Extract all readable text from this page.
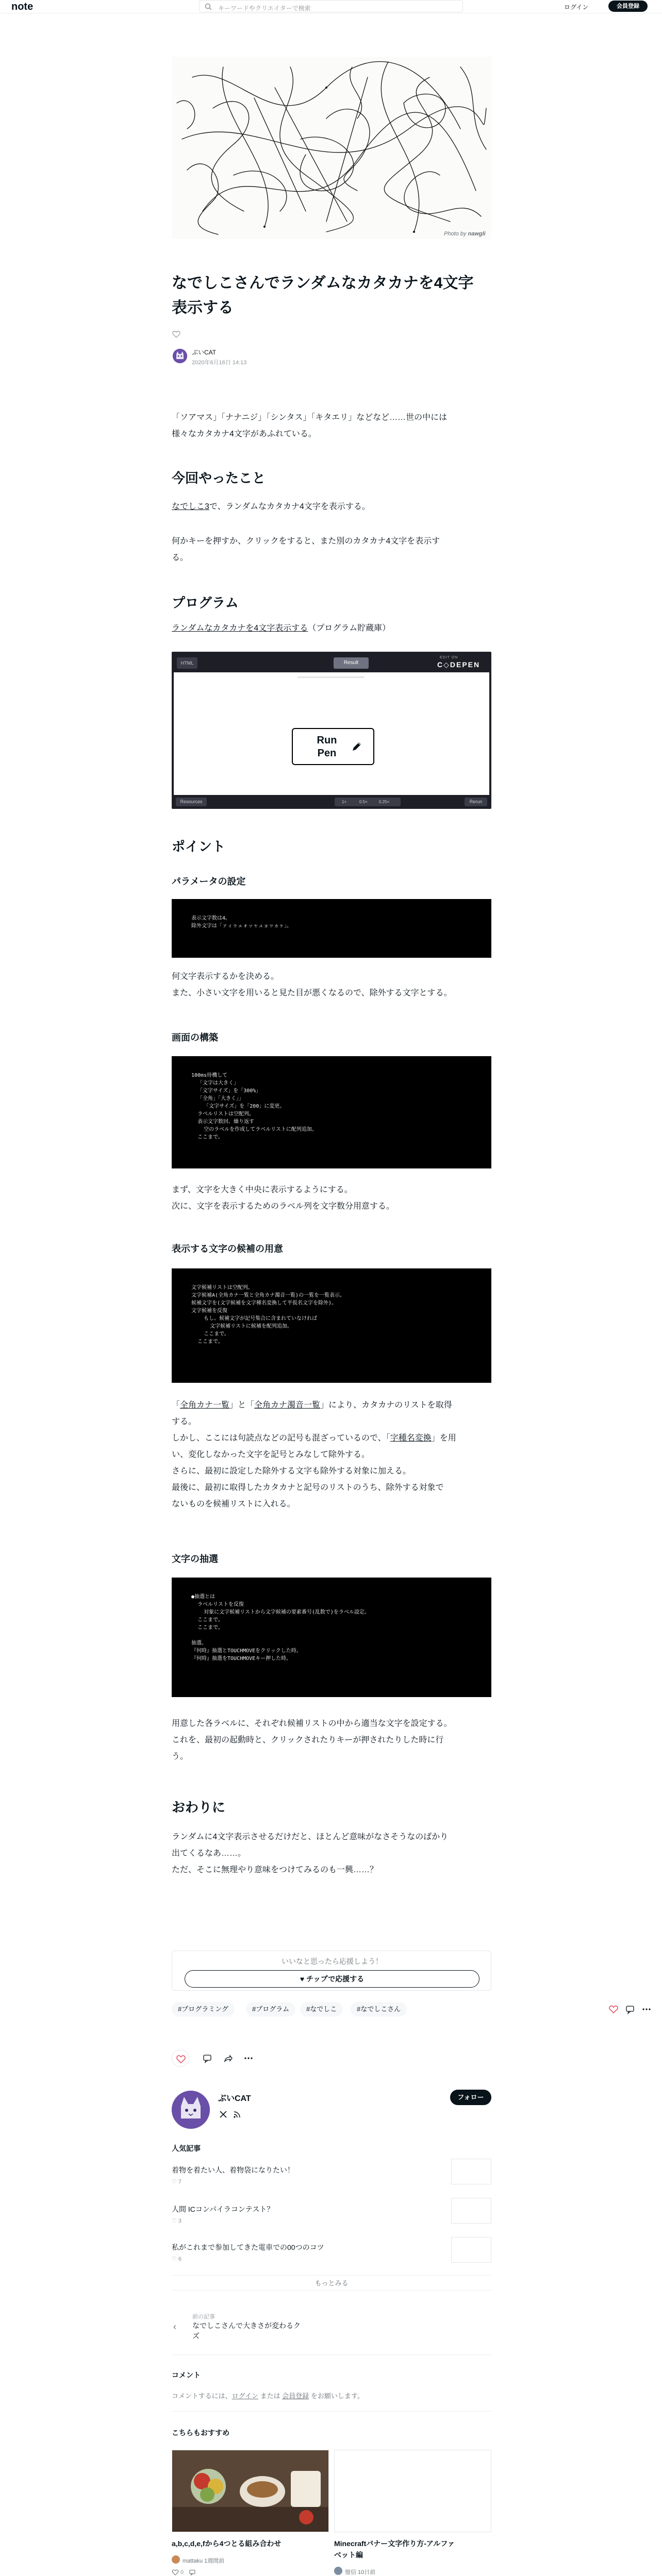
note	キーワードやクリエイターで検索	ログイン	会員登録
Photo by nawgli
なでしこさんでランダムなカタカナを4文字
表示する
ぶいCAT
2020年6月16日 14:13
「ソアマス」「ナナニジ」「シンタス」「キタエリ」などなど……世の中には
様々なカタカナ4文字があふれている。
今回やったこと
なでしこ3で、ランダムなカタカナ4文字を表示する。
何かキーを押すか、クリックをすると、また別のカタカナ4文字を表示す
る。
プログラム
ランダムなカタカナを4文字表示する（プログラム貯蔵庫）
HTML	Result
EDIT ON
C◇DEPEN
Run Pen
Resources	1×	0.5×	0.25×	Rerun
ポイント
パラメータの設定
表示文字数は4。
除外文字は「ァィゥェォッャュョヮヵヶ」。
何文字表示するかを決める。
また、小さい文字を用いると見た目が悪くなるので、除外する文字とする。
画面の構築
100ms待機して
「文字は大きく」
「文字サイズ」を「300%」
「全角」「大きく」」
「文字サイズ」を「200」に変更。
ラベルリストは空配列。
表示文字数回、繰り返す
空のラベルを作成してラベルリストに配列追加。
ここまで。
まず、文字を大きく中央に表示するようにする。
次に、文字を表示するためのラベル列を文字数分用意する。
表示する文字の候補の用意
文字候補リストは空配列。
文字候補A(全角カナ一覧と全角カナ濁音一覧)の一覧を一覧表示。
候補文字を(文字候補を文字種名変換して平仮名文字を除外)。
文字候補を反復
もし、候補文字が記号集合に含まれていなければ
文字候補リストに候補を配列追加。
ここまで。
ここまで。
「全角カナ一覧」と「全角カナ濁音一覧」により、カタカナのリストを取得
する。
しかし、ここには句読点などの記号も混ざっているので、「字種名変換」を用
い、変化しなかった文字を記号とみなして除外する。
さらに、最初に設定した除外する文字も除外する対象に加える。
最後に、最初に取得したカタカナと記号のリストのうち、除外する対象で
ないものを候補リストに入れる。
文字の抽選
●抽選とは
ラベルリストを反復
対象に文字候補リストから文字候補の要素番号(乱数で)をラベル設定。
ここまで。
ここまで。

抽選。
『何時』抽選とTOUCHMOVEをクリックした時。
『何時』抽選をTOUCHMOVEキー押した時。
用意した各ラベルに、それぞれ候補リストの中から適当な文字を設定する。
これを、最初の起動時と、クリックされたりキーが押されたりした時に行
う。
おわりに
ランダムに4文字表示させるだけだと、ほとんど意味がなさそうなのばかり
出てくるなあ……。
ただ、そこに無理やり意味をつけてみるのも一興……？
いいなと思ったら応援しよう！
♥ チップで応援する
#プログラミング	#プログラム	#なでしこ	#なでしこさん
ぶいCAT	フォロー
人気記事
着物を着たい人、着物袋になりたい！
♡ 7
人間 ICコンパイラコンテスト？
♡ 3
私がこれまで参加してきた電車での00つのコツ
♡ 6
もっとみる
‹
前の記事
なでしこさんで大きさが変わるク
ズ
コメント
コメントするには、ログイン または 会員登録 をお願いします。
こちらもおすすめ
a,b,c,d,e,fから4つとる組み合わせ
mattaku 1週間前
0
Minecraftバナー文字作り方-アルファ
ベット編
憶信 10日前
